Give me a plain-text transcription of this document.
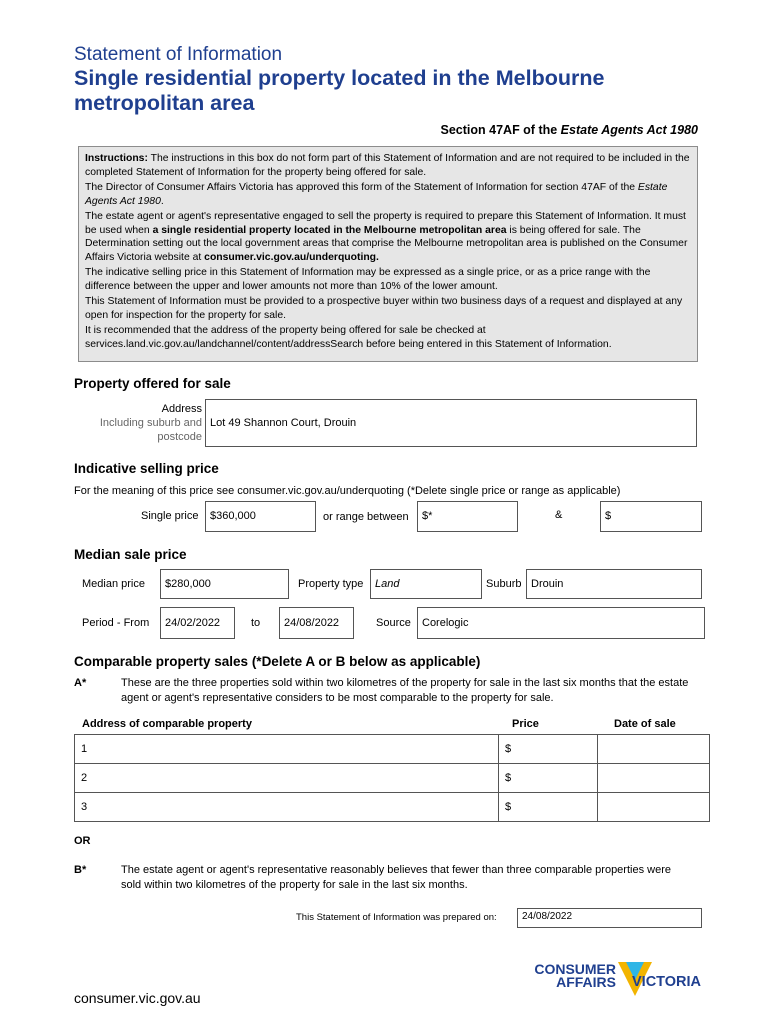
Statement of Information
Single residential property located in the Melbourne metropolitan area
Section 47AF of the Estate Agents Act 1980

Instructions: The instructions in this box do not form part of this Statement of Information and are not required to be included in the completed Statement of Information for the property being offered for sale.

The Director of Consumer Affairs Victoria has approved this form of the Statement of Information for section 47AF of the Estate Agents Act 1980.

The estate agent or agent's representative engaged to sell the property is required to prepare this Statement of Information. It must be used when a single residential property located in the Melbourne metropolitan area is being offered for sale. The Determination setting out the local government areas that comprise the Melbourne metropolitan area is published on the Consumer Affairs Victoria website at consumer.vic.gov.au/underquoting.

The indicative selling price in this Statement of Information may be expressed as a single price, or as a price range with the difference between the upper and lower amounts not more than 10% of the lower amount.

This Statement of Information must be provided to a prospective buyer within two business days of a request and displayed at any open for inspection for the property for sale.

It is recommended that the address of the property being offered for sale be checked at services.land.vic.gov.au/landchannel/content/addressSearch before being entered in this Statement of Information.

Property offered for sale
Address
Including suburb and
postcode
Lot 49 Shannon Court, Drouin
Indicative selling price
For the meaning of this price see consumer.vic.gov.au/underquoting (*Delete single price or range as applicable)
Single price	$360,000	or range between	$*	&	$
Median sale price
Median price	$280,000	Property type	Land	Suburb Drouin
Period - From	24/02/2022	to	24/08/2022	Source	Corelogic
Comparable property sales (*Delete A or B below as applicable)
A*	These are the three properties sold within two kilometres of the property for sale in the last six months that the estate agent or agent's representative considers to be most comparable to the property for sale.
Address of comparable property	Price	Date of sale
1	$	
2	$	
3	$	
OR
B*	The estate agent or agent's representative reasonably believes that fewer than three comparable properties were sold within two kilometres of the property for sale in the last six months.
This Statement of Information was prepared on:	24/08/2022
CONSUMER
AFFAIRS VICTORIA
consumer.vic.gov.au
